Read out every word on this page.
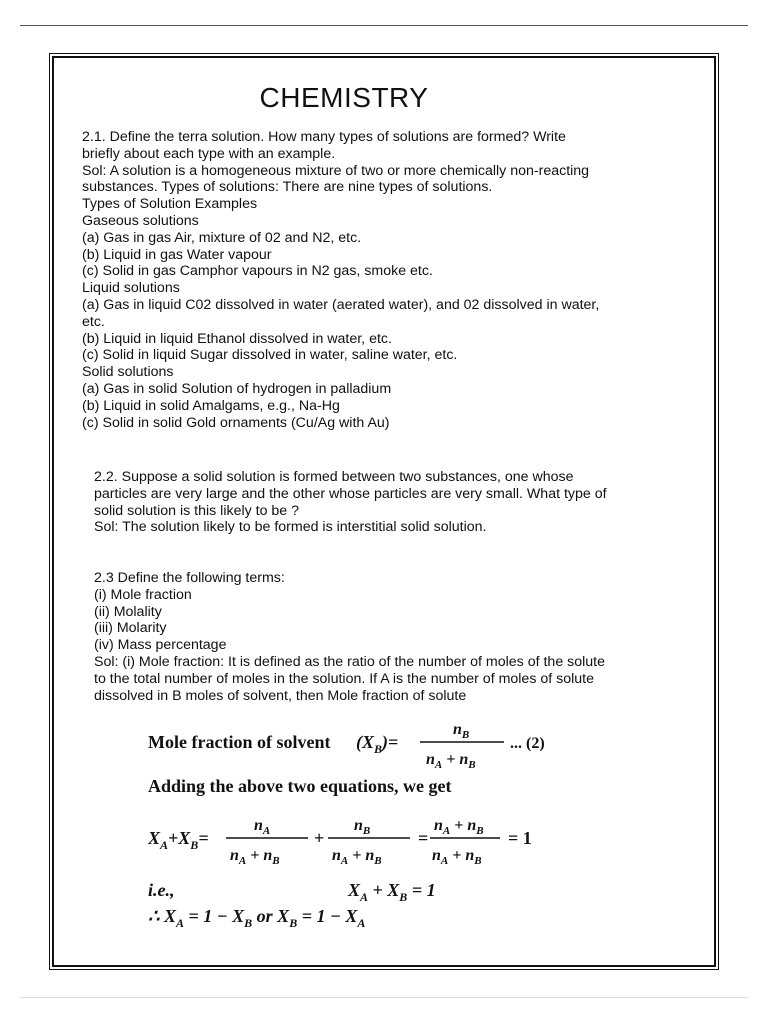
CHEMISTRY
2.1. Define the terra solution. How many types of solutions are formed? Write
briefly about each type with an example.
Sol: A solution is a homogeneous mixture of two or more chemically non-reacting
substances. Types of solutions: There are nine types of solutions.
Types of Solution Examples
Gaseous solutions
(a) Gas in gas Air, mixture of 02 and N2, etc.
(b) Liquid in gas Water vapour
(c) Solid in gas Camphor vapours in N2 gas, smoke etc.
Liquid solutions
(a) Gas in liquid C02 dissolved in water (aerated water), and 02 dissolved in water,
etc.
(b) Liquid in liquid Ethanol dissolved in water, etc.
(c) Solid in liquid Sugar dissolved in water, saline water, etc.
Solid solutions
(a) Gas in solid Solution of hydrogen in palladium
(b) Liquid in solid Amalgams, e.g., Na-Hg
(c) Solid in solid Gold ornaments (Cu/Ag with Au)
2.2. Suppose a solid solution is formed between two substances, one whose
particles are very large and the other whose particles are very small. What type of
solid solution is this likely to be ?
Sol: The solution likely to be formed is interstitial solid solution.
2.3 Define the following terms:
(i) Mole fraction
(ii) Molality
(iii) Molarity
(iv) Mass percentage
Sol: (i) Mole fraction: It is defined as the ratio of the number of moles of the solute
to the total number of moles in the solution. If A is the number of moles of solute
dissolved in B moles of solvent, then Mole fraction of solute
Mole fraction of solvent $(X_B)=$
$n_B$
$n_A + n_B$
... (2)
Adding the above two equations, we get
$X_A+X_B=$
$n_A$
$n_A + n_B$
+
$n_B$
$n_A + n_B$
=
$n_A + n_B$
$n_A + n_B$
= 1
i.e.,	$X_A + X_B = 1$
∴ $X_A = 1 - X_B$ or $X_B = 1 - X_A$
